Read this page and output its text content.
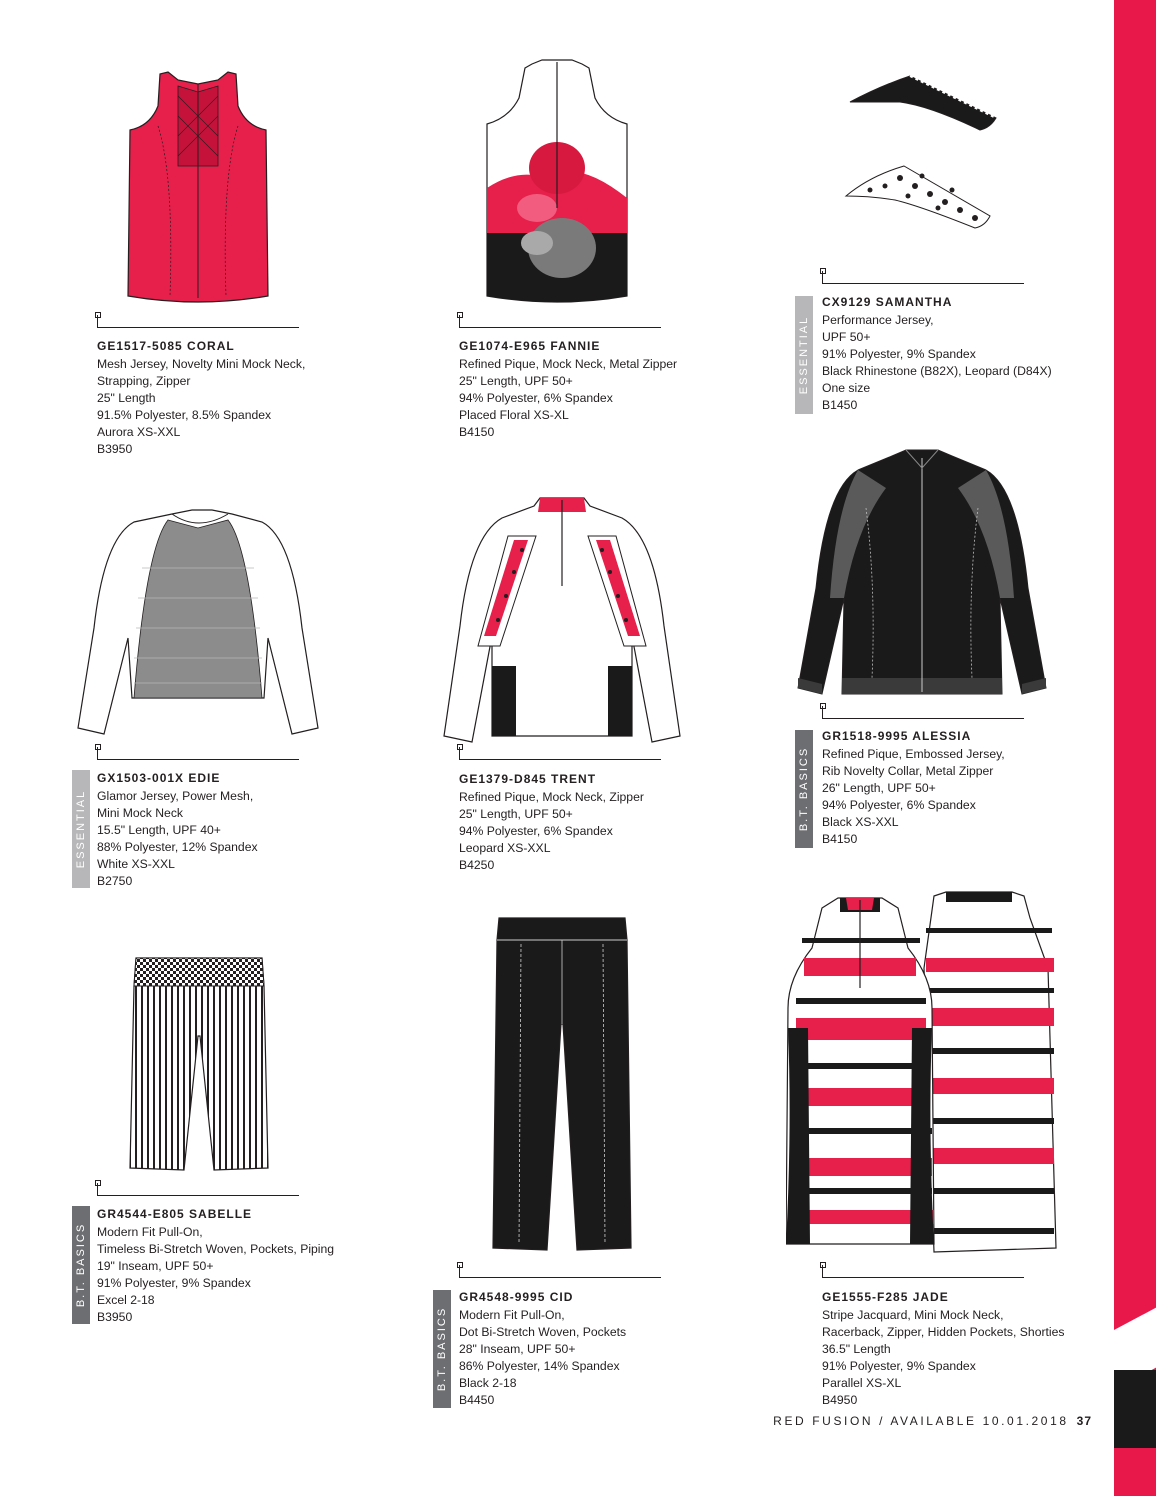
GE1517-5085 CORAL

Mesh Jersey, Novelty Mini Mock Neck,

Strapping, Zipper

25" Length

91.5% Polyester, 8.5% Spandex

Aurora XS-XXL

B3950

GE1074-E965 FANNIE

Refined Pique, Mock Neck, Metal Zipper

25" Length, UPF 50+

94% Polyester, 6% Spandex

Placed Floral XS-XL

B4150

ESSENTIAL

CX9129 SAMANTHA

Performance Jersey,

UPF 50+

91% Polyester, 9% Spandex

Black Rhinestone (B82X), Leopard (D84X)

One size

B1450

ESSENTIAL

GX1503-001X EDIE

Glamor Jersey, Power Mesh,

Mini Mock Neck

15.5" Length, UPF 40+

88% Polyester, 12% Spandex

White XS-XXL

B2750

GE1379-D845 TRENT

Refined Pique, Mock Neck, Zipper

25" Length, UPF 50+

94% Polyester, 6% Spandex

Leopard XS-XXL

B4250

B.T. BASICS

GR1518-9995 ALESSIA

Refined Pique, Embossed Jersey,

Rib Novelty Collar, Metal Zipper

26" Length, UPF 50+

94% Polyester, 6% Spandex

Black XS-XXL

B4150

B.T. BASICS

GR4544-E805 SABELLE

Modern Fit Pull-On,

Timeless Bi-Stretch Woven, Pockets, Piping

19" Inseam, UPF 50+

91% Polyester, 9% Spandex

Excel 2-18

B3950	B.T. BASICS

GR4548-9995 CID

Modern Fit Pull-On,

Dot Bi-Stretch Woven, Pockets

28" Inseam, UPF 50+

86% Polyester, 14% Spandex

Black 2-18

B4450

GE1555-F285 JADE

Stripe Jacquard, Mini Mock Neck,

Racerback, Zipper, Hidden Pockets, Shorties

36.5" Length

91% Polyester, 9% Spandex

Parallel XS-XL

B4950

RED FUSION / AVAILABLE 10.01.2018 37
